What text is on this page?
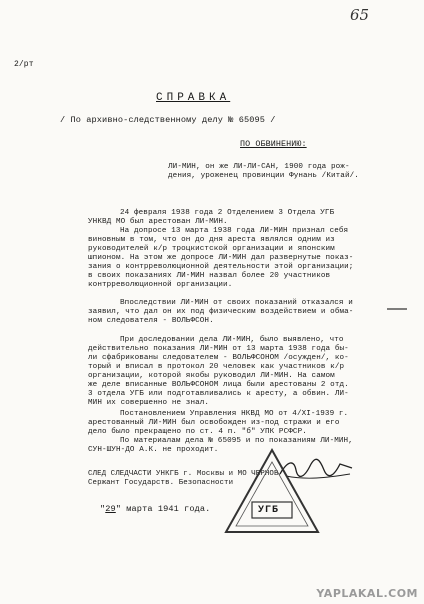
65
2/рт
СПРАВКА
/ По архивно-следственному делу № 65095 /
ПО ОБВИНЕНИЮ:
ЛИ-МИН, он же ЛИ-ЛИ-САН, 1900 года рож-
дения, уроженец провинции Фунань /Китай/.
24 февраля 1938 года 2 Отделением 3 Отдела УГБ
УНКВД МО был арестован ЛИ-МИН.
На допросе 13 марта 1938 года ЛИ-МИН признал себя
виновным в том, что он до дня ареста являлся одним из
руководителей к/р троцкистской организации и японским
шпионом. На этом же допросе ЛИ-МИН дал развернутые показ-
зания о контрреволюционной деятельности этой организации;
в своих показаниях ЛИ-МИН назвал более 20 участников
контрреволюционной организации.
Впоследствии ЛИ-МИН от своих показаний отказался и
заявил, что дал он их под физическим воздействием и обма-
ном следователя - ВОЛЬФСОН.
При доследовании дела ЛИ-МИН, было выявлено, что
действительно показания ЛИ-МИН от 13 марта 1938 года бы-
ли сфабрикованы следователем - ВОЛЬФСОНОМ /осужден/, ко-
торый и вписал в протокол 20 человек как участников к/р
организации, которой якобы руководил ЛИ-МИН. На самом
же деле вписанные ВОЛЬФСОНОМ лица были арестованы 2 отд.
3 отдела УГБ или подготавливались к аресту, а обвин. ЛИ-
МИН их совершенно не знал.
Постановлением Управления НКВД МО от 4/XI-1939 г.
арестованный ЛИ-МИН был освобожден из-под стражи и его
дело было прекращено по ст. 4 п. "б" УПК РСФСР.
По материалам дела № 65095 и по показаниям ЛИ-МИН,
СУН-ШУН-ДО А.К. не проходит.
СЛЕД СЛЕДЧАСТИ УНКГБ г. Москвы и МО ЧЕРНОВ/
Сержант Государств. Безопасности
"29" марта 1941 года.	УГБ
YAPLAKAL.COM
